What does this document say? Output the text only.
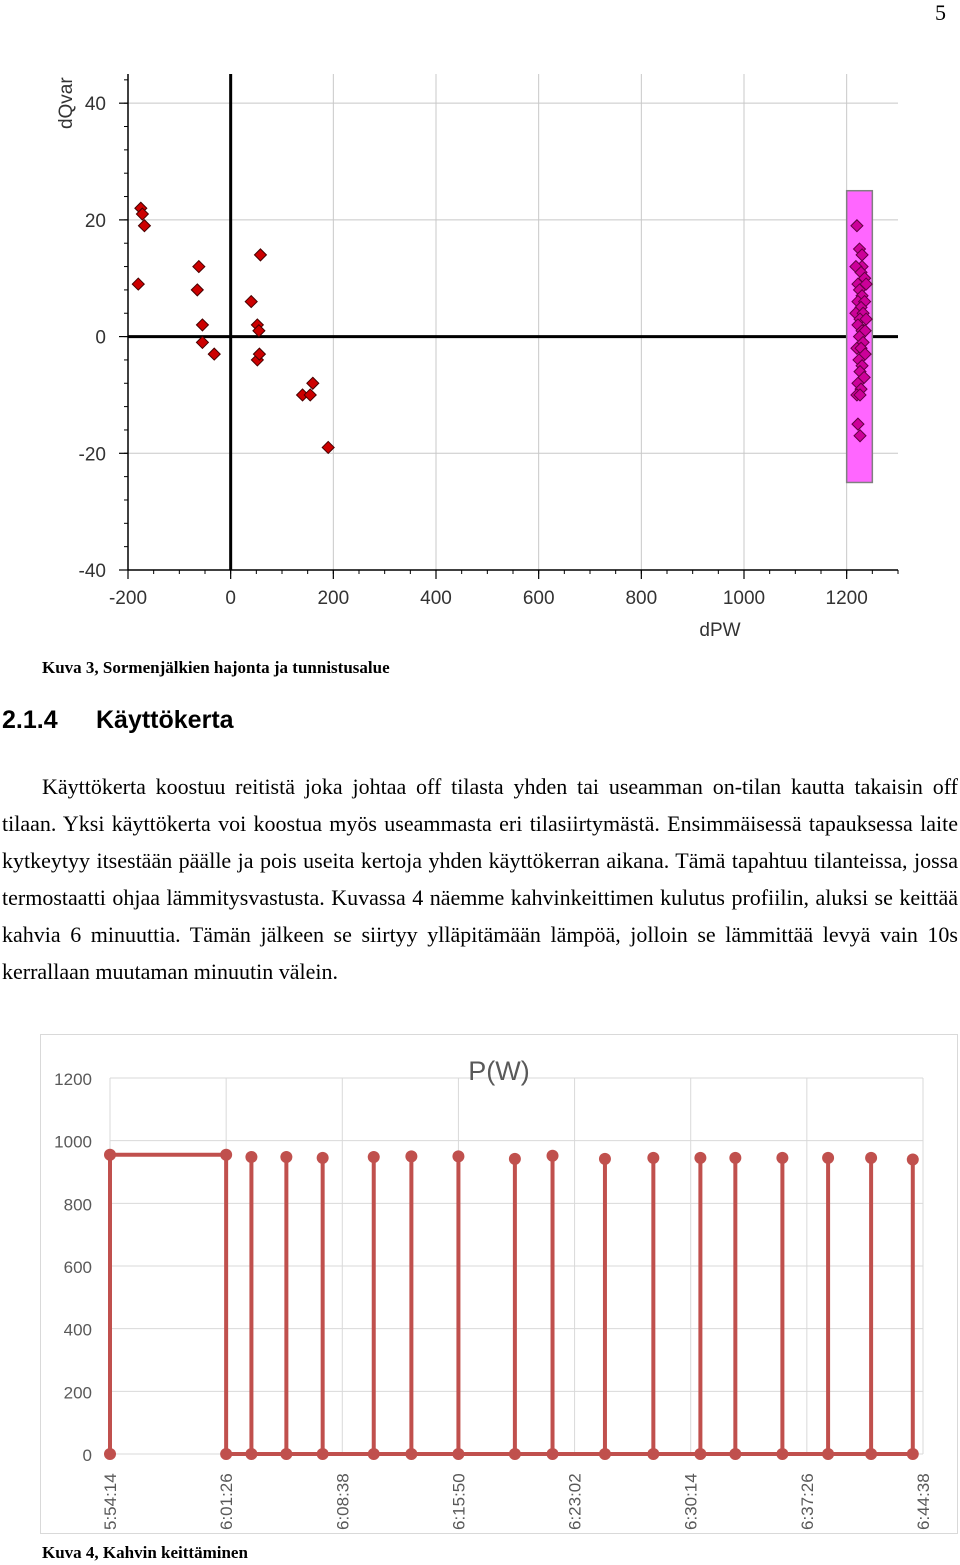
5
-200	0	200	400	600	800	1000	1200
-40
-20
0
20
40
dPW
dQvar
Kuva 3, Sormenjälkien hajonta ja tunnistusalue
2.1.4 Käyttökerta

Käyttökerta koostuu reitistä joka johtaa off tilasta yhden tai useamman on-tilan kautta takaisin off tilaan. Yksi käyttökerta voi koostua myös useammasta eri tilasiirtymästä. Ensimmäisessä tapauksessa laite kytkeytyy itsestään päälle ja pois useita kertoja yhden käyttökerran aikana. Tämä tapahtuu tilanteissa, jossa termostaatti ohjaa lämmitysvastusta. Kuvassa 4 näemme kahvinkeittimen kulutus profiilin, aluksi se keittää kahvia 6 minuuttia. Tämän jälkeen se siirtyy ylläpitämään lämpöä, jolloin se lämmittää levyä vain 10s kerrallaan muutaman minuutin välein.

0
200
400
600
800
1000
1200
5:54:14	6:01:26	6:08:38	6:15:50	6:23:02	6:30:14	6:37:26	6:44:38
P(W)
Kuva 4, Kahvin keittäminen
